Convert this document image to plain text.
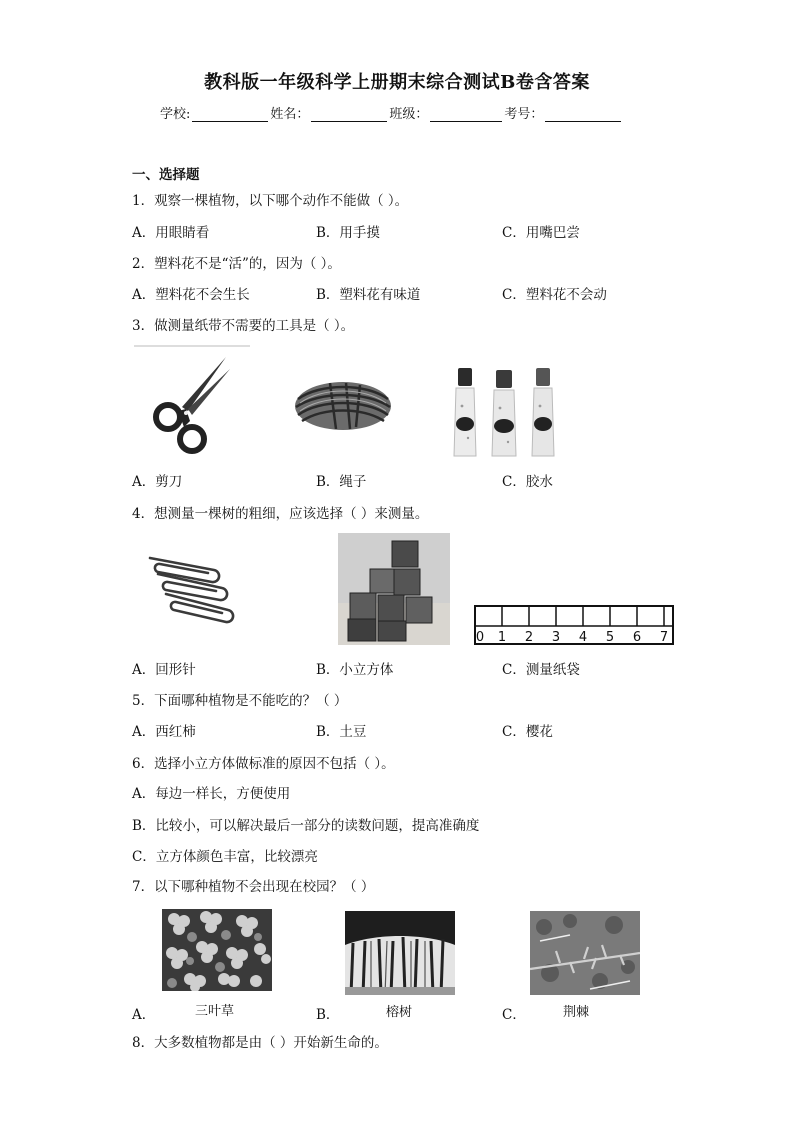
教科版一年级科学上册期末综合测试B卷含答案
学校:	姓名：	班级：	考号：
一、选择题
1．观察一棵植物，以下哪个动作不能做（ ）。
A．用眼睛看	B．用手摸	C．用嘴巴尝
2．塑料花不是“活”的，因为（ ）。
A．塑料花不会生长	B．塑料花有味道	C．塑料花不会动
3．做测量纸带不需要的工具是（ ）。
A．剪刀	B．绳子	C．胶水
4．想测量一棵树的粗细，应该选择（ ）来测量。
0 1 2 3 4 5 6 7
A．回形针	B．小立方体	C．测量纸袋
5．下面哪种植物是不能吃的？（ ）
A．西红柿	B．土豆	C．樱花
6．选择小立方体做标准的原因不包括（ ）。
A．每边一样长，方便使用
B．比较小，可以解决最后一部分的读数问题，提高准确度
C．立方体颜色丰富，比较漂亮
7．以下哪种植物不会出现在校园？（ ）
三叶草	榕树	荆棘
A．	B．	C．
8．大多数植物都是由（ ）开始新生命的。
